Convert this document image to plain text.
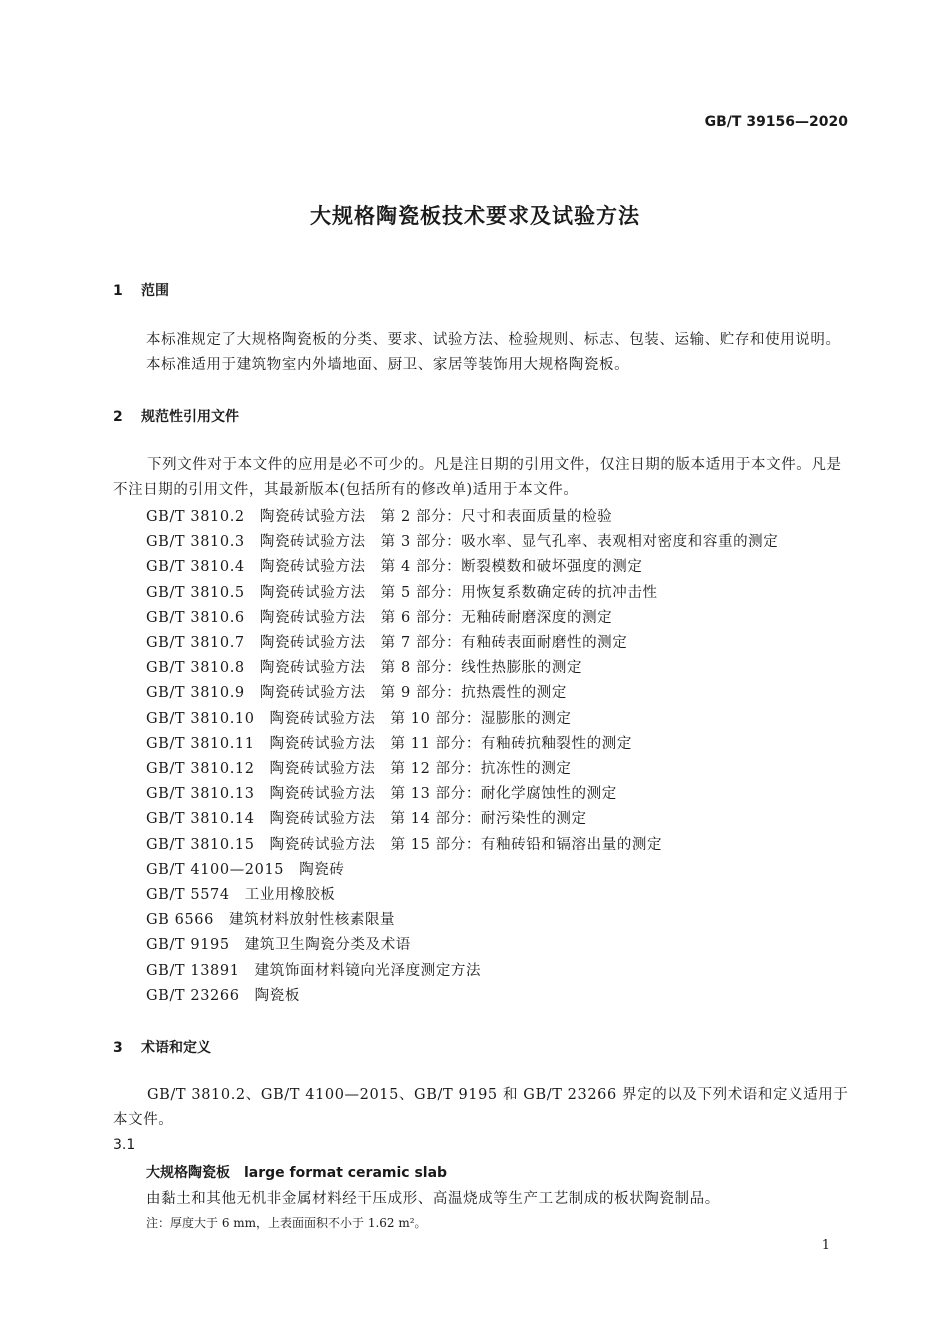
GB/T 39156—2020
大规格陶瓷板技术要求及试验方法
1 范围
本标准规定了大规格陶瓷板的分类、要求、试验方法、检验规则、标志、包装、运输、贮存和使用说明。
本标准适用于建筑物室内外墙地面、厨卫、家居等装饰用大规格陶瓷板。
2 规范性引用文件
下列文件对于本文件的应用是必不可少的。凡是注日期的引用文件，仅注日期的版本适用于本文件。凡是不注日期的引用文件，其最新版本(包括所有的修改单)适用于本文件。
GB/T 3810.2　陶瓷砖试验方法　第 2 部分：尺寸和表面质量的检验
GB/T 3810.3　陶瓷砖试验方法　第 3 部分：吸水率、显气孔率、表观相对密度和容重的测定
GB/T 3810.4　陶瓷砖试验方法　第 4 部分：断裂模数和破坏强度的测定
GB/T 3810.5　陶瓷砖试验方法　第 5 部分：用恢复系数确定砖的抗冲击性
GB/T 3810.6　陶瓷砖试验方法　第 6 部分：无釉砖耐磨深度的测定
GB/T 3810.7　陶瓷砖试验方法　第 7 部分：有釉砖表面耐磨性的测定
GB/T 3810.8　陶瓷砖试验方法　第 8 部分：线性热膨胀的测定
GB/T 3810.9　陶瓷砖试验方法　第 9 部分：抗热震性的测定
GB/T 3810.10　陶瓷砖试验方法　第 10 部分：湿膨胀的测定
GB/T 3810.11　陶瓷砖试验方法　第 11 部分：有釉砖抗釉裂性的测定
GB/T 3810.12　陶瓷砖试验方法　第 12 部分：抗冻性的测定
GB/T 3810.13　陶瓷砖试验方法　第 13 部分：耐化学腐蚀性的测定
GB/T 3810.14　陶瓷砖试验方法　第 14 部分：耐污染性的测定
GB/T 3810.15　陶瓷砖试验方法　第 15 部分：有釉砖铅和镉溶出量的测定
GB/T 4100—2015　陶瓷砖
GB/T 5574　工业用橡胶板
GB 6566　建筑材料放射性核素限量
GB/T 9195　建筑卫生陶瓷分类及术语
GB/T 13891　建筑饰面材料镜向光泽度测定方法
GB/T 23266　陶瓷板
3 术语和定义
GB/T 3810.2、GB/T 4100—2015、GB/T 9195 和 GB/T 23266 界定的以及下列术语和定义适用于本文件。
3.1
大规格陶瓷板　large format ceramic slab
由黏土和其他无机非金属材料经干压成形、高温烧成等生产工艺制成的板状陶瓷制品。
注：厚度大于 6 mm，上表面面积不小于 1.62 m²。
1
